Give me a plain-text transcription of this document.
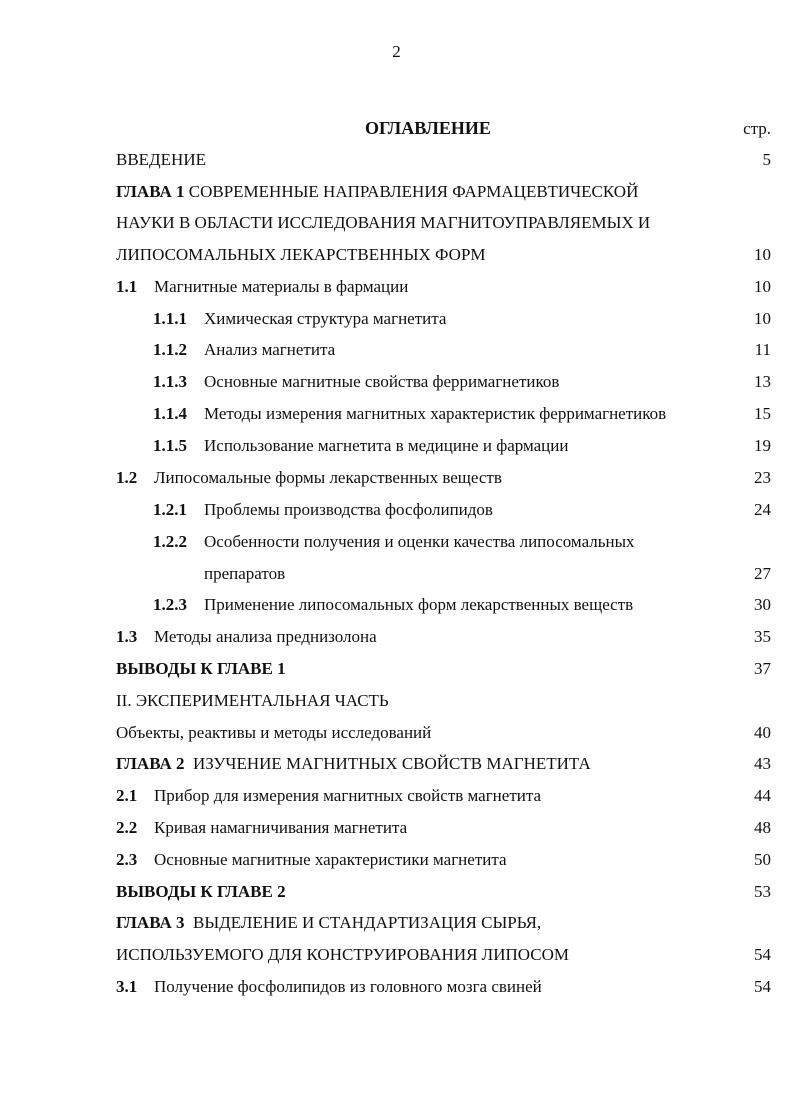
2
ОГЛАВЛЕНИЕ	стр.
ВВЕДЕНИЕ	5
ГЛАВА 1 СОВРЕМЕННЫЕ НАПРАВЛЕНИЯ ФАРМАЦЕВТИЧЕСКОЙ
НАУКИ В ОБЛАСТИ ИССЛЕДОВАНИЯ МАГНИТОУПРАВЛЯЕМЫХ И
ЛИПОСОМАЛЬНЫХ ЛЕКАРСТВЕННЫХ ФОРМ	10
1.1 Магнитные материалы в фармации	10
1.1.1 Химическая структура магнетита	10
1.1.2 Анализ магнетита	11
1.1.3 Основные магнитные свойства ферримагнетиков	13
1.1.4 Методы измерения магнитных характеристик ферримагнетиков	15
1.1.5 Использование магнетита в медицине и фармации	19
1.2 Липосомальные формы лекарственных веществ	23
1.2.1 Проблемы производства фосфолипидов	24
1.2.2 Особенности получения и оценки качества липосомальных
препаратов	27
1.2.3 Применение липосомальных форм лекарственных веществ	30
1.3 Методы анализа преднизолона	35
ВЫВОДЫ К ГЛАВЕ 1	37
II. ЭКСПЕРИМЕНТАЛЬНАЯ ЧАСТЬ
Объекты, реактивы и методы исследований	40
ГЛАВА 2  ИЗУЧЕНИЕ МАГНИТНЫХ СВОЙСТВ МАГНЕТИТА	43
2.1 Прибор для измерения магнитных свойств магнетита	44
2.2 Кривая намагничивания магнетита	48
2.3 Основные магнитные характеристики магнетита	50
ВЫВОДЫ К ГЛАВЕ 2	53
ГЛАВА 3  ВЫДЕЛЕНИЕ И СТАНДАРТИЗАЦИЯ СЫРЬЯ,
ИСПОЛЬЗУЕМОГО ДЛЯ КОНСТРУИРОВАНИЯ ЛИПОСОМ	54
3.1 Получение фосфолипидов из головного мозга свиней	54
